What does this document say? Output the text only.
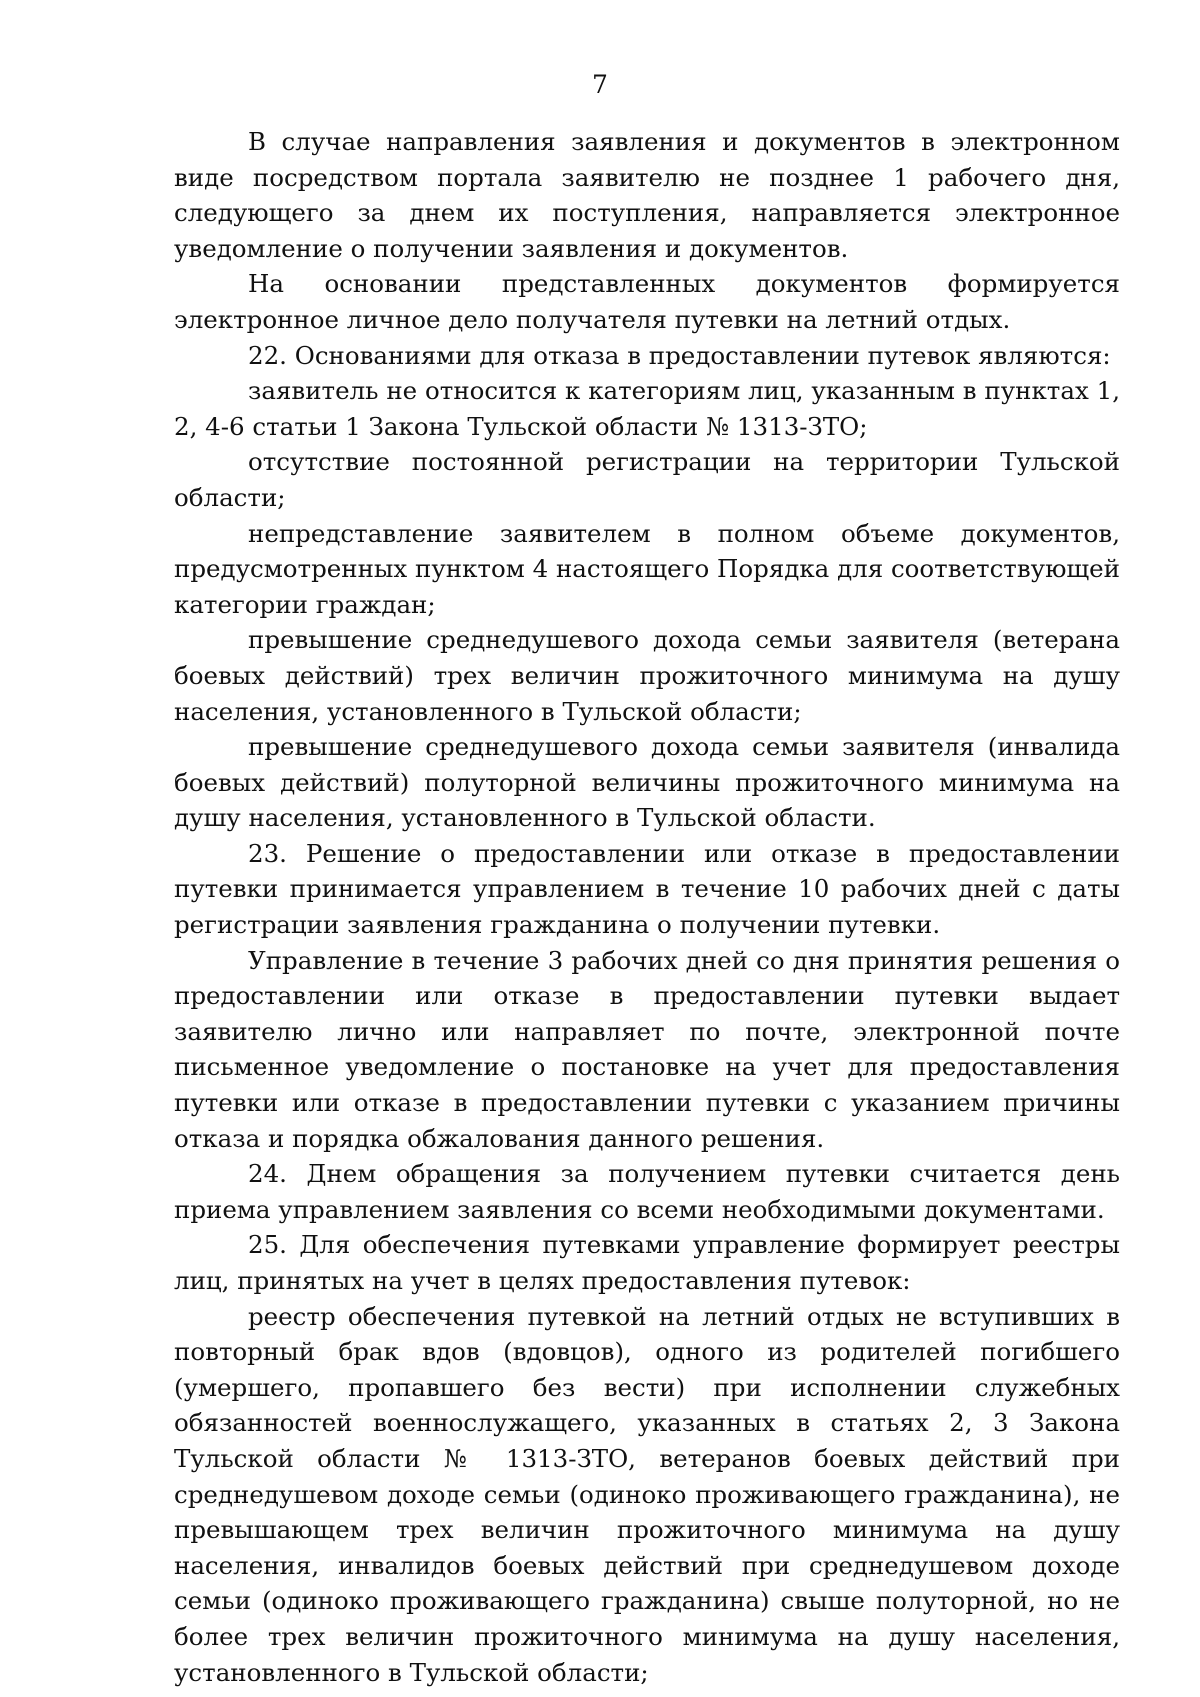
7

В случае направления заявления и документов в электронном виде посредством портала заявителю не позднее 1 рабочего дня, следующего за днем их поступления, направляется электронное уведомление о получении заявления и документов.

На основании представленных документов формируется электронное личное дело получателя путевки на летний отдых.

22. Основаниями для отказа в предоставлении путевок являются:

заявитель не относится к категориям лиц, указанным в пунктах 1, 2, 4-6 статьи 1 Закона Тульской области № 1313-ЗТО;

отсутствие постоянной регистрации на территории Тульской области;

непредставление заявителем в полном объеме документов, предусмотренных пунктом 4 настоящего Порядка для соответствующей категории граждан;

превышение среднедушевого дохода семьи заявителя (ветерана боевых действий) трех величин прожиточного минимума на душу населения, установленного в Тульской области;

превышение среднедушевого дохода семьи заявителя (инвалида боевых действий) полуторной величины прожиточного минимума на душу населения, установленного в Тульской области.

23. Решение о предоставлении или отказе в предоставлении путевки принимается управлением в течение 10 рабочих дней с даты регистрации заявления гражданина о получении путевки.

Управление в течение 3 рабочих дней со дня принятия решения о предоставлении или отказе в предоставлении путевки выдает заявителю лично или направляет по почте, электронной почте письменное уведомление о постановке на учет для предоставления путевки или отказе в предоставлении путевки с указанием причины отказа и порядка обжалования данного решения.

24. Днем обращения за получением путевки считается день приема управлением заявления со всеми необходимыми документами.

25. Для обеспечения путевками управление формирует реестры лиц, принятых на учет в целях предоставления путевок:

реестр обеспечения путевкой на летний отдых не вступивших в повторный брак вдов (вдовцов), одного из родителей погибшего (умершего, пропавшего без вести) при исполнении служебных обязанностей военнослужащего, указанных в статьях 2, 3 Закона Тульской области № 1313-ЗТО, ветеранов боевых действий при среднедушевом доходе семьи (одиноко проживающего гражданина), не превышающем трех величин прожиточного минимума на душу населения, инвалидов боевых действий при среднедушевом доходе семьи (одиноко проживающего гражданина) свыше полуторной, но не более трех величин прожиточного минимума на душу населения, установленного в Тульской области;
